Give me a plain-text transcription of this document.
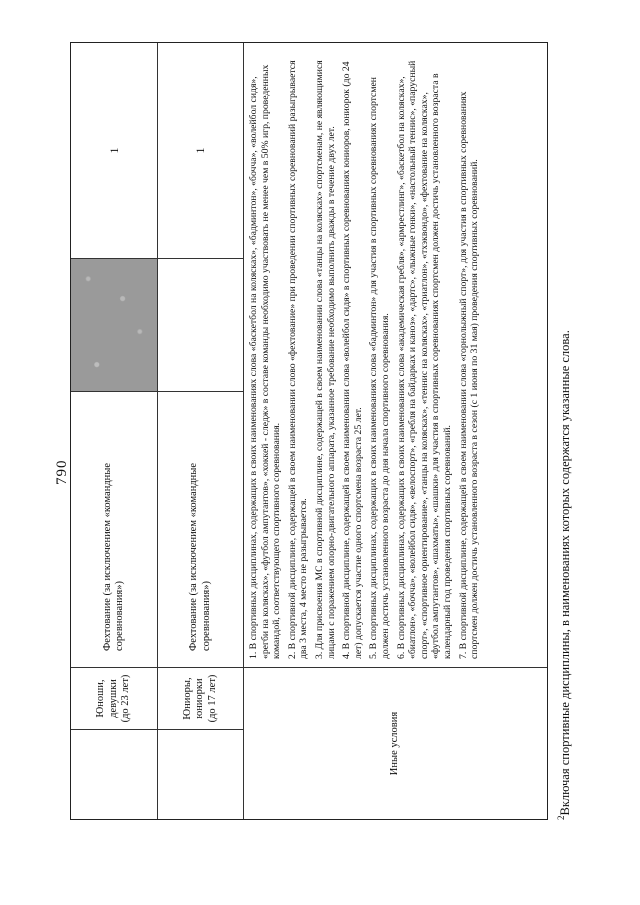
790
Юноши, девушки (до 23 лет)
Фехтование (за исключением «командные соревнования»)
1
Юниоры, юниорки (до 17 лет)
Фехтование (за исключением «командные соревнования»)
1
Иные условия

1. В спортивных дисциплинах, содержащих в своих наименованиях слова «баскетбол на колясках», «бадминтон», «бочча», «волейбол сидя», «регби на колясках», «футбол ампутантов», «хоккей - следж» в составе команды необходимо участвовать не менее чем в 50% игр, проведенных командой, соответствующего спортивного соревнования. 2. В спортивной дисциплине, содержащей в своем наименовании слово «фехтование» при проведении спортивных соревнований разыгрывается два 3 места, 4 место не разыгрывается. 3. Для присвоения МС в спортивной дисциплине, содержащей в своем наименовании слова «танцы на колясках» спортсменам, не являющимися лицами с поражением опорно-двигательного аппарата, указанное требование необходимо выполнить дважды в течение двух лет. 4. В спортивной дисциплине, содержащей в своем наименовании слова «волейбол сидя» в спортивных соревнованиях юниоров, юниорок (до 24 лет) допускается участие одного спортсмена возраста 25 лет. 5. В спортивных дисциплинах, содержащих в своих наименованиях слова «бадминтон» для участия в спортивных соревнованиях спортсмен должен достичь установленного возраста до дня начала спортивного соревнования. 6. В спортивных дисциплинах, содержащих в своих наименованиях слова «академическая гребля», «армрестлинг», «баскетбол на колясках», «биатлон», «бочча», «волейбол сидя», «велоспорт», «гребля на байдарках и каноэ», «дартс», «лыжные гонки», «настольный теннис», «парусный спорт», «спортивное ориентирование», «танцы на колясках», «теннис на колясках», «триатлон», «тхэквондо», «фехтование на колясках», «футбол ампутантов», «шахматы», «шашки» для участия в спортивных соревнованиях спортсмен должен достичь установленного возраста в календарный год проведения спортивных соревнований. 7. В спортивной дисциплине, содержащей в своем наименовании слова «горнолыжный спорт», для участия в спортивных соревнованиях спортсмен должен достичь установленного возраста в сезон (с 1 июня по 31 мая) проведения спортивных соревнований.

$^2$Включая спортивные дисциплины, в наименованиях которых содержатся указанные слова.
